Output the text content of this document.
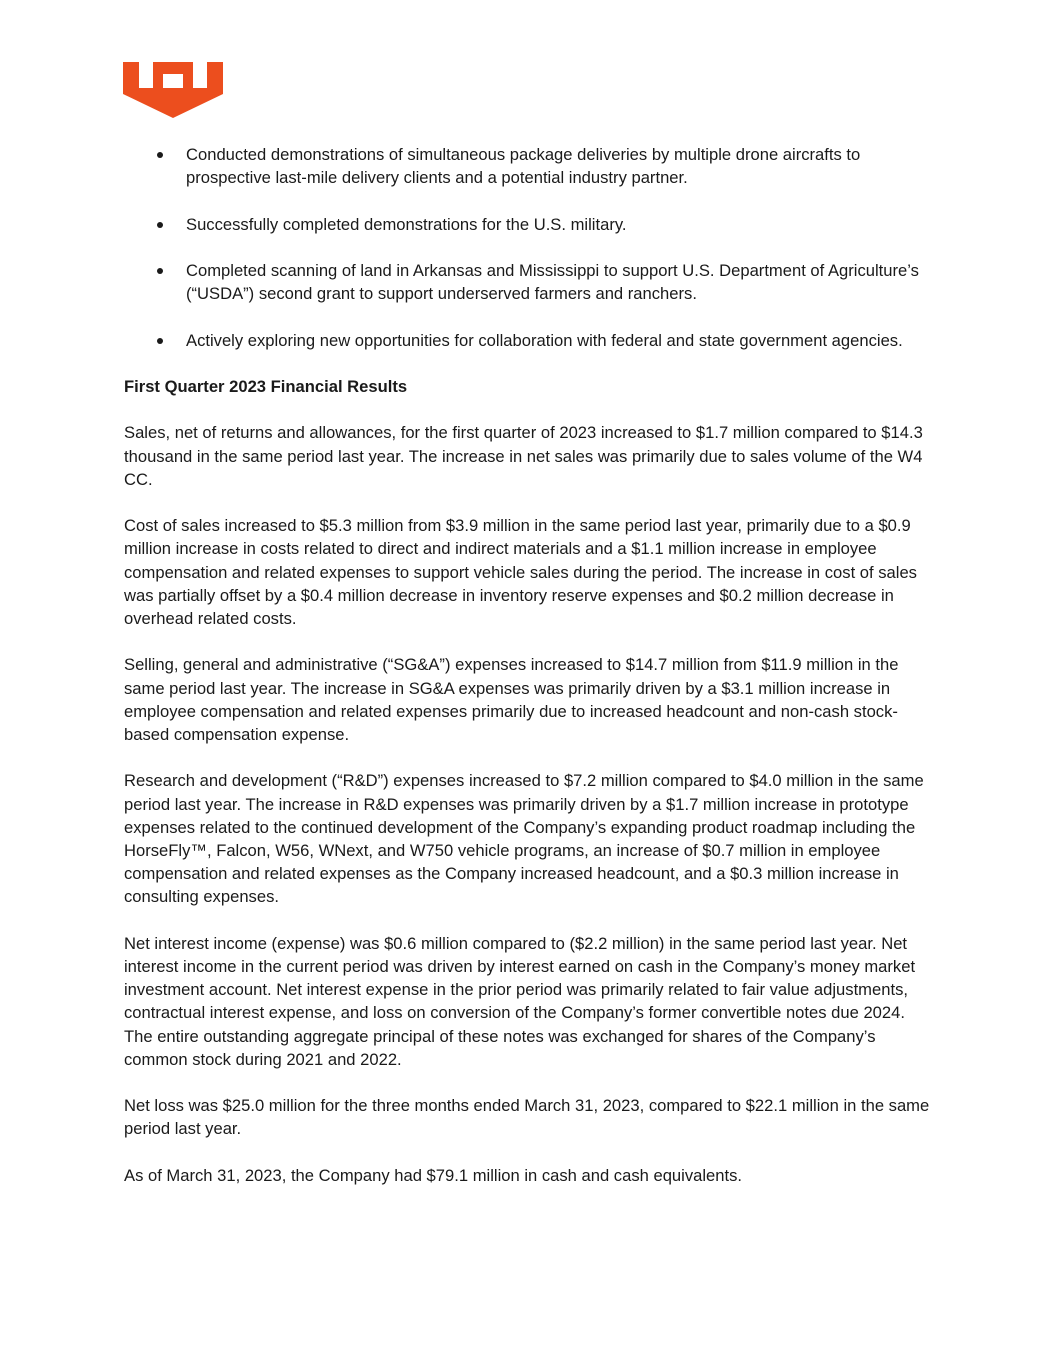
Conducted demonstrations of simultaneous package deliveries by multiple drone aircrafts to prospective last-mile delivery clients and a potential industry partner.
Successfully completed demonstrations for the U.S. military.
Completed scanning of land in Arkansas and Mississippi to support U.S. Department of Agriculture’s (“USDA”) second grant to support underserved farmers and ranchers.
Actively exploring new opportunities for collaboration with federal and state government agencies.
First Quarter 2023 Financial Results

Sales, net of returns and allowances, for the first quarter of 2023 increased to $1.7 million compared to $14.3 thousand in the same period last year. The increase in net sales was primarily due to sales volume of the W4 CC.

Cost of sales increased to $5.3 million from $3.9 million in the same period last year, primarily due to a $0.9 million increase in costs related to direct and indirect materials and a $1.1 million increase in employee compensation and related expenses to support vehicle sales during the period. The increase in cost of sales was partially offset by a $0.4 million decrease in inventory reserve expenses and $0.2 million decrease in overhead related costs.

Selling, general and administrative (“SG&A”) expenses increased to $14.7 million from $11.9 million in the same period last year. The increase in SG&A expenses was primarily driven by a $3.1 million increase in employee compensation and related expenses primarily due to increased headcount and non-cash stock-based compensation expense.

Research and development (“R&D”) expenses increased to $7.2 million compared to $4.0 million in the same period last year. The increase in R&D expenses was primarily driven by a $1.7 million increase in prototype expenses related to the continued development of the Company’s expanding product roadmap including the HorseFly™, Falcon, W56, WNext, and W750 vehicle programs, an increase of $0.7 million in employee compensation and related expenses as the Company increased headcount, and a $0.3 million increase in consulting expenses.

Net interest income (expense) was $0.6 million compared to ($2.2 million) in the same period last year. Net interest income in the current period was driven by interest earned on cash in the Company’s money market investment account. Net interest expense in the prior period was primarily related to fair value adjustments, contractual interest expense, and loss on conversion of the Company’s former convertible notes due 2024. The entire outstanding aggregate principal of these notes was exchanged for shares of the Company’s common stock during 2021 and 2022.

Net loss was $25.0 million for the three months ended March 31, 2023, compared to $22.1 million in the same period last year.

As of March 31, 2023, the Company had $79.1 million in cash and cash equivalents.
